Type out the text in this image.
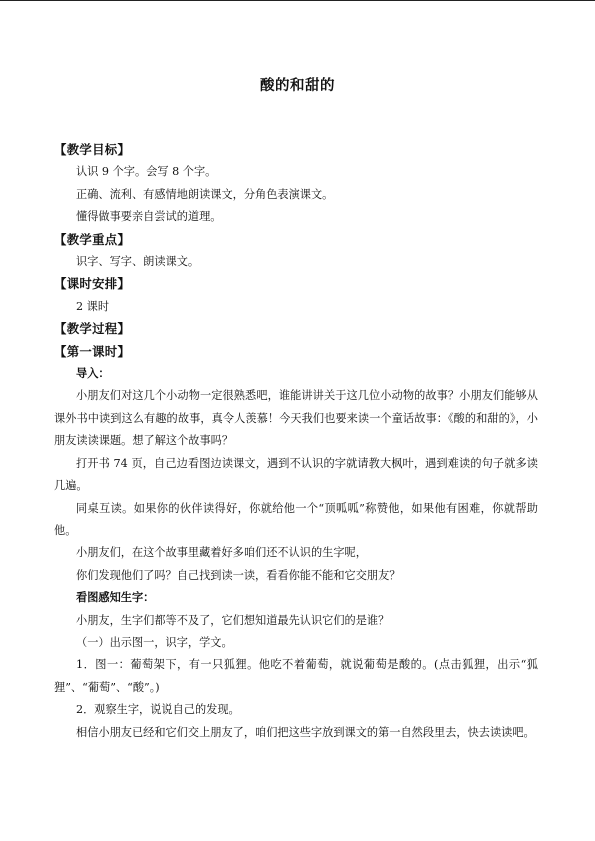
酸的和甜的
【教学目标】
认识 9 个字。会写 8 个字。
正确、流利、有感情地朗读课文，分角色表演课文。
懂得做事要亲自尝试的道理。
【教学重点】
识字、写字、朗读课文。
【课时安排】
2 课时
【教学过程】
【第一课时】
导入：
小朋友们对这几个小动物一定很熟悉吧，谁能讲讲关于这几位小动物的故事？小朋友们能够从课外书中读到这么有趣的故事，真令人羡慕！今天我们也要来读一个童话故事：《酸的和甜的》，小朋友读读课题。想了解这个故事吗？
打开书 74 页，自己边看图边读课文，遇到不认识的字就请教大枫叶，遇到难读的句子就多读几遍。
同桌互读。如果你的伙伴读得好，你就给他一个“顶呱呱”称赞他，如果他有困难，你就帮助他。
小朋友们，在这个故事里藏着好多咱们还不认识的生字呢，
你们发现他们了吗？自己找到读一读，看看你能不能和它交朋友？
看图感知生字：
小朋友，生字们都等不及了，它们想知道最先认识它们的是谁？
（一）出示图一，识字，学文。
1．图一：葡萄架下，有一只狐狸。他吃不着葡萄，就说葡萄是酸的。(点击狐狸，出示“狐狸”、“葡萄”、“酸”。)
2．观察生字，说说自己的发现。
相信小朋友已经和它们交上朋友了，咱们把这些字放到课文的第一自然段里去，快去读读吧。
